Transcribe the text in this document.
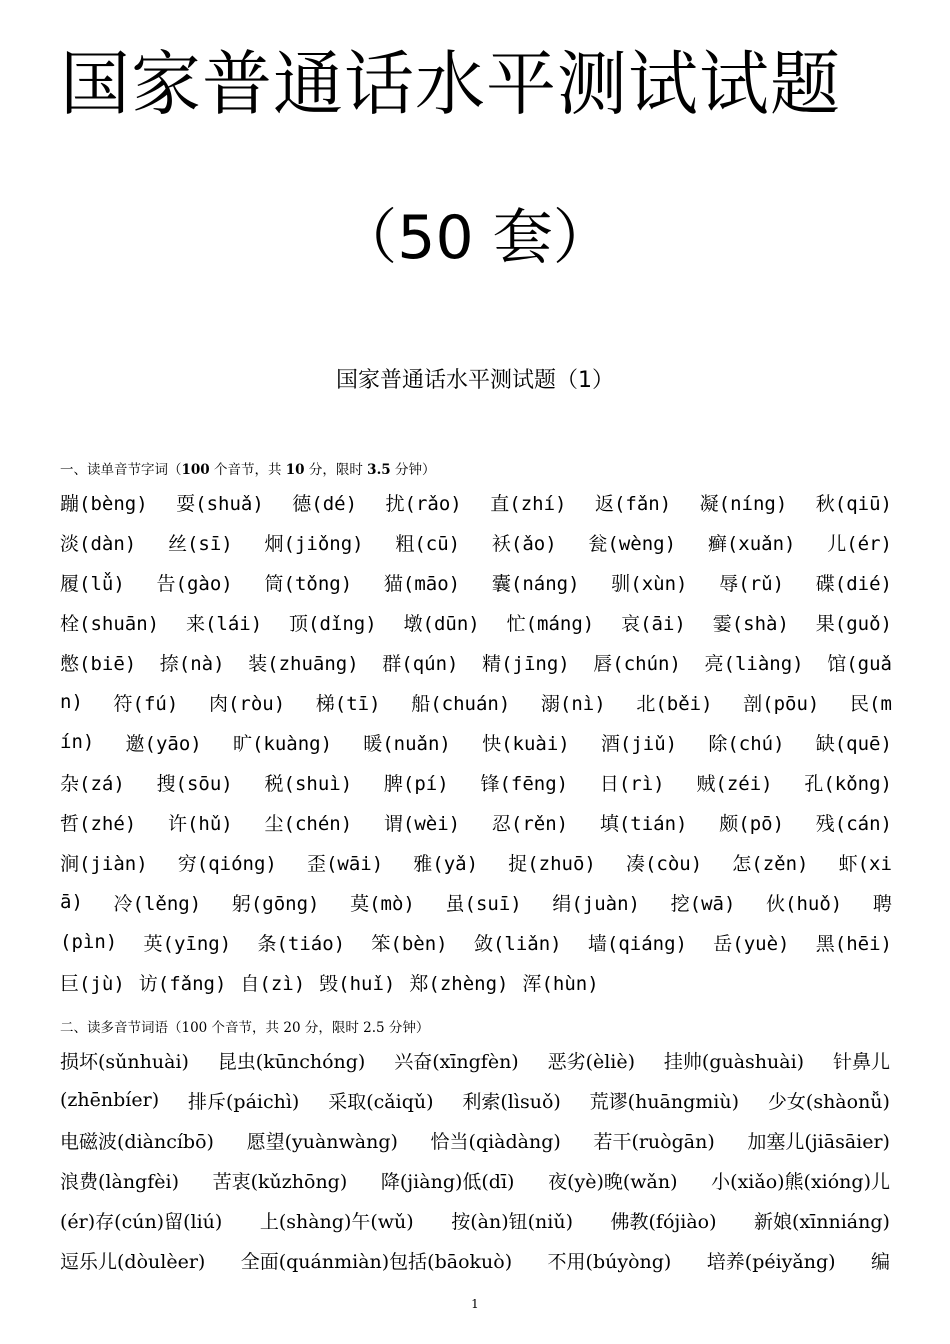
国家普通话水平测试试题
（50 套）
国家普通话水平测试题（1）
一、读单音节字词（100 个音节，共 10 分，限时 3.5 分钟）
蹦(bèng) 耍(shuǎ) 德(dé) 扰(rǎo) 直(zhí) 返(fǎn) 凝(níng) 秋(qiū)
淡(dàn) 丝(sī) 炯(jiǒng) 粗(cū) 袄(ǎo) 瓮(wèng) 癣(xuǎn) 儿(ér)
履(lǚ) 告(gào) 筒(tǒng) 猫(māo) 囊(náng) 驯(xùn) 辱(rǔ) 碟(dié)
栓(shuān) 来(lái) 顶(dǐng) 墩(dūn) 忙(máng) 哀(āi) 霎(shà) 果(guǒ)
憋(biē) 捺(nà) 装(zhuāng) 群(qún) 精(jīng) 唇(chún) 亮(liàng) 馆(guǎ
n) 符(fú) 肉(ròu) 梯(tī) 船(chuán) 溺(nì) 北(běi) 剖(pōu) 民(m
ín) 邀(yāo) 旷(kuàng) 暖(nuǎn) 快(kuài) 酒(jiǔ) 除(chú) 缺(quē)
杂(zá) 搜(sōu) 税(shuì) 脾(pí) 锋(fēng) 日(rì) 贼(zéi) 孔(kǒng)
哲(zhé) 许(hǔ) 尘(chén) 谓(wèi) 忍(rěn) 填(tián) 颇(pō) 残(cán)
涧(jiàn) 穷(qióng) 歪(wāi) 雅(yǎ) 捉(zhuō) 凑(còu) 怎(zěn) 虾(xi
ā) 冷(lěng) 躬(gōng) 莫(mò) 虽(suī) 绢(juàn) 挖(wā) 伙(huǒ) 聘
(pìn) 英(yīng) 条(tiáo) 笨(bèn) 敛(liǎn) 墙(qiáng) 岳(yuè) 黑(hēi)
巨(jù) 访(fǎng) 自(zì) 毁(huǐ) 郑(zhèng) 浑(hùn)
二、读多音节词语（100 个音节，共 20 分，限时 2.5 分钟）
损坏(sǔnhuài) 昆虫(kūnchóng) 兴奋(xīngfèn) 恶劣(èliè) 挂帅(guàshuài) 针鼻儿
(zhēnbíer) 排斥(páichì) 采取(cǎiqǔ) 利索(lìsuǒ) 荒谬(huāngmiù) 少女(shàonǚ)
电磁波(diàncíbō) 愿望(yuànwàng) 恰当(qiàdàng) 若干(ruògān) 加塞儿(jiāsāier)
浪费(làngfèi) 苦衷(kǔzhōng) 降(jiàng)低(dī) 夜(yè)晚(wǎn) 小(xiǎo)熊(xióng)儿
(ér)存(cún)留(liú) 上(shàng)午(wǔ) 按(àn)钮(niǔ) 佛教(fójiào) 新娘(xīnniáng)
逗乐儿(dòulèer) 全面(quánmiàn)包括(bāokuò) 不用(búyòng) 培养(péiyǎng) 编
1
